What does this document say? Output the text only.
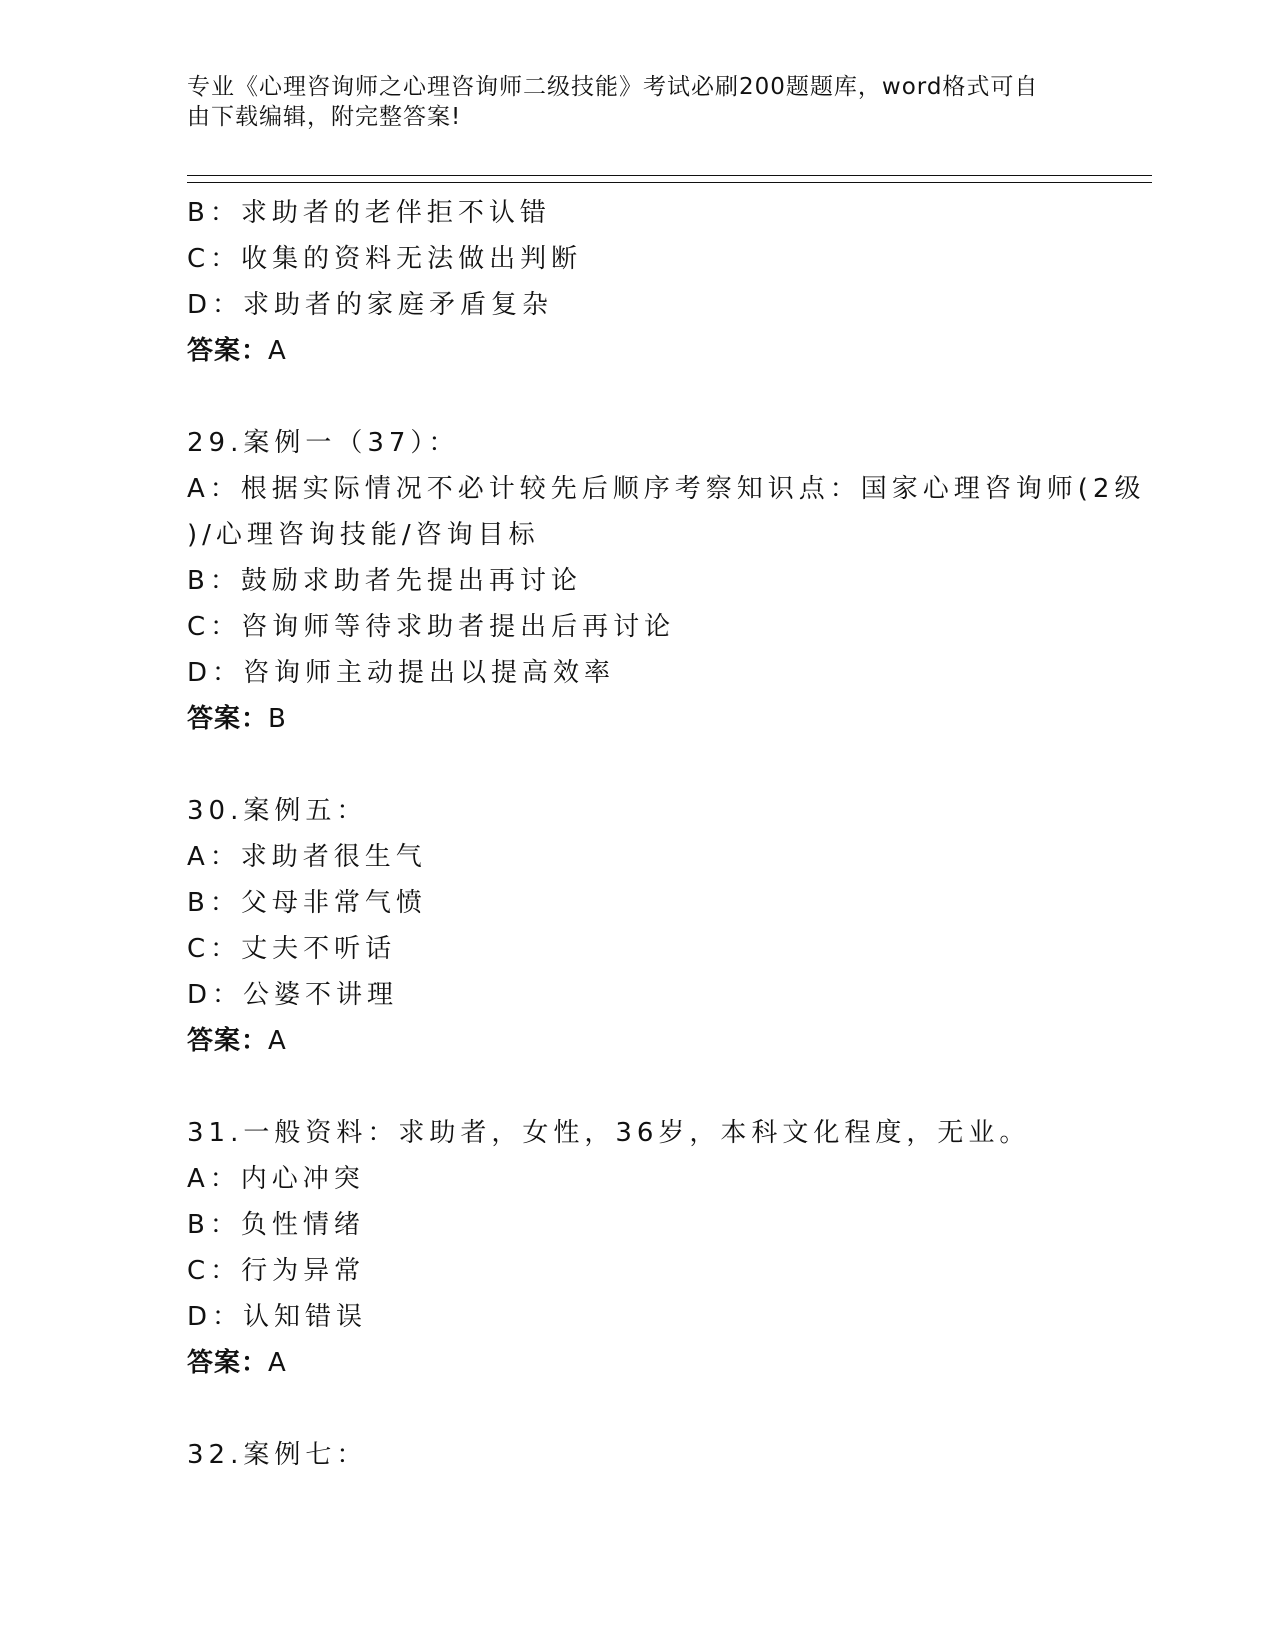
专业《心理咨询师之心理咨询师二级技能》考试必刷200题题库，word格式可自
由下载编辑，附完整答案!
B：求助者的老伴拒不认错
C：收集的资料无法做出判断
D：求助者的家庭矛盾复杂
答案：A
29.案例一（37）：
A：根据实际情况不必计较先后顺序考察知识点：国家心理咨询师(2级
)/心理咨询技能/咨询目标
B：鼓励求助者先提出再讨论
C：咨询师等待求助者提出后再讨论
D：咨询师主动提出以提高效率
答案：B
30.案例五：
A：求助者很生气
B：父母非常气愤
C：丈夫不听话
D：公婆不讲理
答案：A
31.一般资料：求助者，女性，36岁，本科文化程度，无业。
A：内心冲突
B：负性情绪
C：行为异常
D：认知错误
答案：A
32.案例七：
